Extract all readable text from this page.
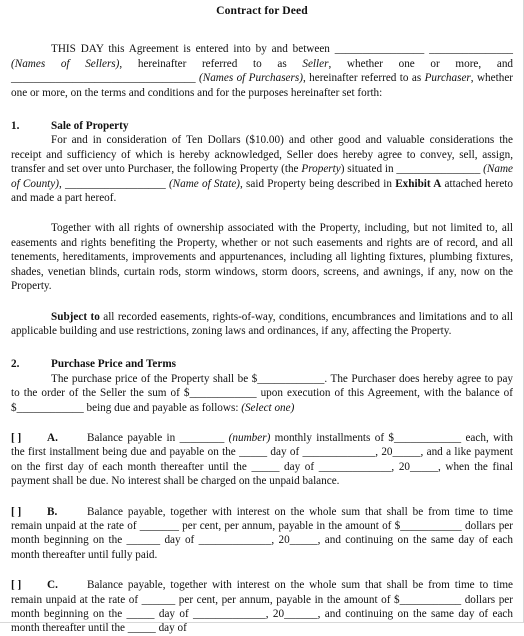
Contract for Deed

THIS DAY this Agreement is entered into by and between ________________ _______________ (Names of Sellers), hereinafter referred to as Seller, whether one or more, and _________________________________ (Names of Purchasers), hereinafter referred to as Purchaser, whether one or more, on the terms and conditions and for the purposes hereinafter set forth:

1.	Sale of Property

For and in consideration of Ten Dollars ($10.00) and other good and valuable considerations the receipt and sufficiency of which is hereby acknowledged, Seller does hereby agree to convey, sell, assign, transfer and set over unto Purchaser, the following Property (the Property) situated in _______________ (Name of County), __________________ (Name of State), said Property being described in Exhibit A attached hereto and made a part hereof.

Together with all rights of ownership associated with the Property, including, but not limited to, all easements and rights benefiting the Property, whether or not such easements and rights are of record, and all tenements, hereditaments, improvements and appurtenances, including all lighting fixtures, plumbing fixtures, shades, venetian blinds, curtain rods, storm windows, storm doors, screens, and awnings, if any, now on the Property.

Subject to all recorded easements, rights-of-way, conditions, encumbrances and limitations and to all applicable building and use restrictions, zoning laws and ordinances, if any, affecting the Property.

2.	Purchase Price and Terms

The purchase price of the Property shall be $____________. The Purchaser does hereby agree to pay to the order of the Seller the sum of $____________ upon execution of this Agreement, with the balance of $____________ being due and payable as follows: (Select one)

[ ] A.	Balance payable in ________ (number) monthly installments of $____________ each, with the first installment being due and payable on the _____ day of _____________, 20_____, and a like payment on the first day of each month thereafter until the _____ day of _____________, 20_____, when the final payment shall be due. No interest shall be charged on the unpaid balance.

[ ] B.	Balance payable, together with interest on the whole sum that shall be from time to time remain unpaid at the rate of _______ per cent, per annum, payable in the amount of $___________ dollars per month beginning on the ______ day of _____________, 20_____, and continuing on the same day of each month thereafter until fully paid.

[ ] C.	Balance payable, together with interest on the whole sum that shall be from time to time remain unpaid at the rate of ______ per cent, per annum, payable in the amount of $___________ dollars per month beginning on the _____ day of _____________, 20______, and continuing on the same day of each month thereafter until the _____ day of
